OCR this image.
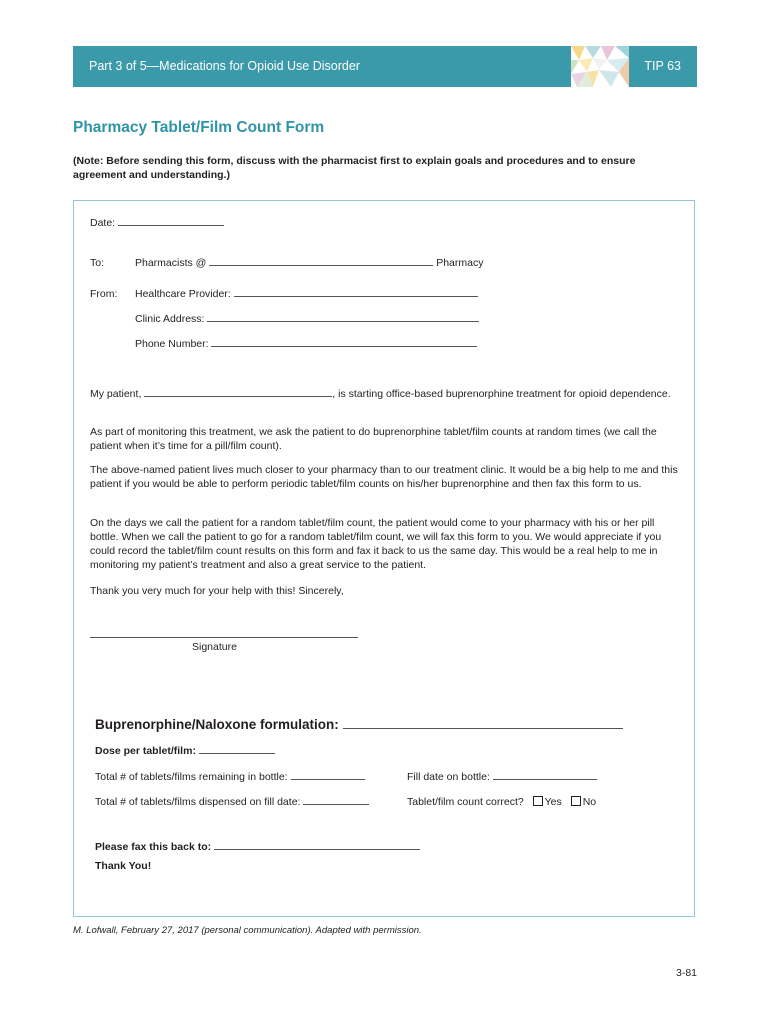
Part 3 of 5—Medications for Opioid Use Disorder	TIP 63
Pharmacy Tablet/Film Count Form

(Note: Before sending this form, discuss with the pharmacist first to explain goals and procedures and to ensure agreement and understanding.)

Date:
To:	Pharmacists @	Pharmacy
From: Healthcare Provider:
Clinic Address:
Phone Number:

My patient,	, is starting office-based buprenorphine treatment for opioid dependence.

As part of monitoring this treatment, we ask the patient to do buprenorphine tablet/film counts at random times (we call the patient when it’s time for a pill/film count).

The above-named patient lives much closer to your pharmacy than to our treatment clinic. It would be a big help to me and this patient if you would be able to perform periodic tablet/film counts on his/her buprenorphine and then fax this form to us.

On the days we call the patient for a random tablet/film count, the patient would come to your pharmacy with his or her pill bottle. When we call the patient to go for a random tablet/film count, we will fax this form to you. We would appreciate if you could record the tablet/film count results on this form and fax it back to us the same day. This would be a real help to me in monitoring my patient’s treatment and also a great service to the patient.

Thank you very much for your help with this! Sincerely,

Signature
Buprenorphine/Naloxone formulation:
Dose per tablet/film:
Total # of tablets/films remaining in bottle:	Fill date on bottle:
Total # of tablets/films dispensed on fill date:	Tablet/film count correct? Yes No
Please fax this back to:
Thank You!
M. Lofwall, February 27, 2017 (personal communication). Adapted with permission.
3-81
